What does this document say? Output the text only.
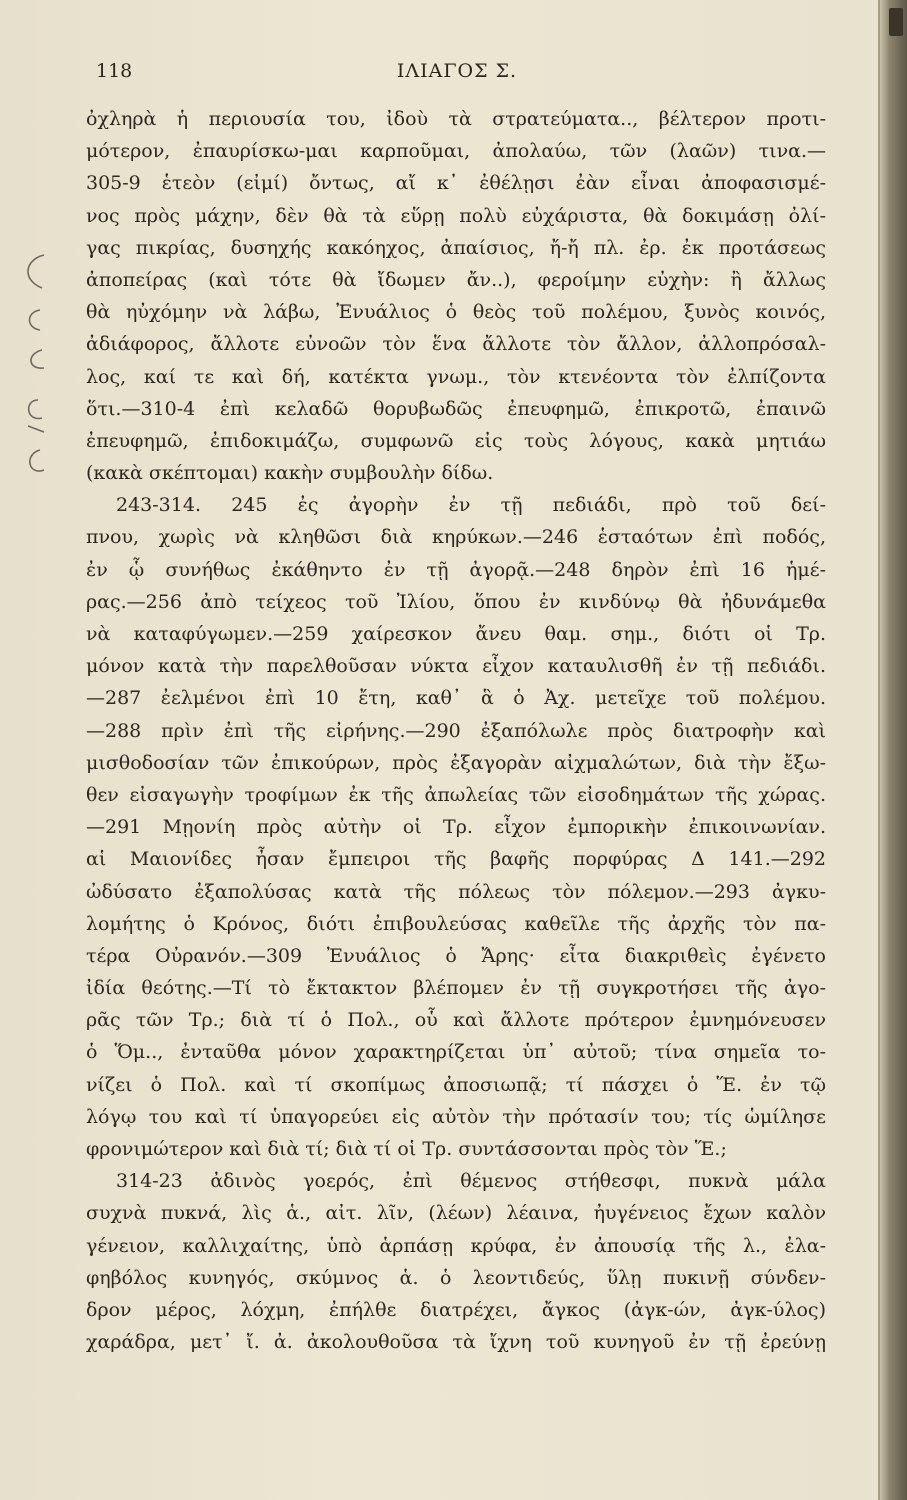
118	ΙΛΙΑΓΟΣ Σ.
ὀχληρὰ ἡ περιουσία του, ἰδοὺ τὰ στρατεύματα.., βέλτερον προτι-
μότερον, ἐπαυρίσκω-μαι καρποῦμαι, ἀπολαύω, τῶν (λαῶν) τινα.—
305-9 ἑτεὸν (εἰμί) ὄντως, αἴ κ᾽ ἐθέλῃσι ἐὰν εἶναι ἀποφασισμέ-
νος πρὸς μάχην, δὲν θὰ τὰ εὕρῃ πολὺ εὐχάριστα, θὰ δοκιμάσῃ ὀλί-
γας πικρίας, δυσηχής κακόηχος, ἀπαίσιος, ἤ-ἤ πλ. ἐρ. ἐκ προτάσεως
ἀποπείρας (καὶ τότε θὰ ἴδωμεν ἄν..), φεροίμην εὐχὴν: ἢ ἄλλως
θὰ ηὐχόμην νὰ λάβω, Ἐνυάλιος ὁ θεὸς τοῦ πολέμου, ξυνὸς κοινός,
ἀδιάφορος, ἄλλοτε εὐνοῶν τὸν ἕνα ἄλλοτε τὸν ἄλλον, ἀλλοπρόσαλ-
λος, καί τε καὶ δή, κατέκτα γνωμ., τὸν κτενέοντα τὸν ἐλπίζοντα
ὅτι.—310-4 ἐπὶ κελαδῶ θορυβωδῶς ἐπευφημῶ, ἐπικροτῶ, ἐπαινῶ
ἐπευφημῶ, ἐπιδοκιμάζω, συμφωνῶ εἰς τοὺς λόγους, κακὰ μητιάω
(κακὰ σκέπτομαι) κακὴν συμβουλὴν δίδω.
243-314. 245 ἐς ἀγορὴν ἐν τῇ πεδιάδι, πρὸ τοῦ δεί-
πνου, χωρὶς νὰ κληθῶσι διὰ κηρύκων.—246 ἑσταότων ἐπὶ ποδός,
ἐν ᾧ συνήθως ἐκάθηντο ἐν τῇ ἀγορᾷ.—248 δηρὸν ἐπὶ 16 ἡμέ-
ρας.—256 ἀπὸ τείχεος τοῦ Ἰλίου, ὅπου ἐν κινδύνῳ θὰ ἠδυνάμεθα
νὰ καταφύγωμεν.—259 χαίρεσκον ἄνευ θαμ. σημ., διότι οἱ Τρ.
μόνον κατὰ τὴν παρελθοῦσαν νύκτα εἶχον καταυλισθῆ ἐν τῇ πεδιάδι.
—287 ἐελμένοι ἐπὶ 10 ἔτη, καθ᾽ ἃ ὁ Ἀχ. μετεῖχε τοῦ πολέμου.
—288 πρὶν ἐπὶ τῆς εἰρήνης.—290 ἐξαπόλωλε πρὸς διατροφὴν καὶ
μισθοδοσίαν τῶν ἐπικούρων, πρὸς ἐξαγορὰν αἰχμαλώτων, διὰ τὴν ἔξω-
θεν εἰσαγωγὴν τροφίμων ἐκ τῆς ἀπωλείας τῶν εἰσοδημάτων τῆς χώρας.
—291 Μῃονίη πρὸς αὐτὴν οἱ Τρ. εἶχον ἐμπορικὴν ἐπικοινωνίαν.
αἱ Μαιονίδες ἦσαν ἔμπειροι τῆς βαφῆς πορφύρας Δ 141.—292
ὠδύσατο ἐξαπολύσας κατὰ τῆς πόλεως τὸν πόλεμον.—293 ἀγκυ-
λομήτης ὁ Κρόνος, διότι ἐπιβουλεύσας καθεῖλε τῆς ἀρχῆς τὸν πα-
τέρα Οὐρανόν.—309 Ἐνυάλιος ὁ Ἄρης· εἶτα διακριθεὶς ἐγένετο
ἰδία θεότης.—Τί τὸ ἔκτακτον βλέπομεν ἐν τῇ συγκροτήσει τῆς ἀγο-
ρᾶς τῶν Τρ.; διὰ τί ὁ Πολ., οὗ καὶ ἄλλοτε πρότερον ἐμνημόνευσεν
ὁ Ὅμ.., ἐνταῦθα μόνον χαρακτηρίζεται ὑπ᾽ αὐτοῦ; τίνα σημεῖα το-
νίζει ὁ Πολ. καὶ τί σκοπίμως ἀποσιωπᾷ; τί πάσχει ὁ Ἕ. ἐν τῷ
λόγῳ του καὶ τί ὑπαγορεύει εἰς αὐτὸν τὴν πρότασίν του; τίς ὡμίλησε
φρονιμώτερον καὶ διὰ τί; διὰ τί οἱ Τρ. συντάσσονται πρὸς τὸν Ἕ.;
314-23 ἀδινὸς γοερός, ἐπὶ θέμενος στήθεσφι, πυκνὰ μάλα
συχνὰ πυκνά, λὶς ἁ., αἰτ. λῖν, (λέων) λέαινα, ἠυγένειος ἔχων καλὸν
γένειον, καλλιχαίτης, ὑπὸ ἁρπάσῃ κρύφα, ἐν ἀπουσίᾳ τῆς λ., ἐλα-
φηβόλος κυνηγός, σκύμνος ἁ. ὁ λεοντιδεύς, ὕλῃ πυκινῇ σύνδεν-
δρον μέρος, λόχμη, ἐπήλθε διατρέχει, ἄγκος (ἀγκ-ών, ἀγκ-ύλος)
χαράδρα, μετ᾽ ἴ. ἀ. ἀκολουθοῦσα τὰ ἴχνη τοῦ κυνηγοῦ ἐν τῇ ἐρεύνῃ
